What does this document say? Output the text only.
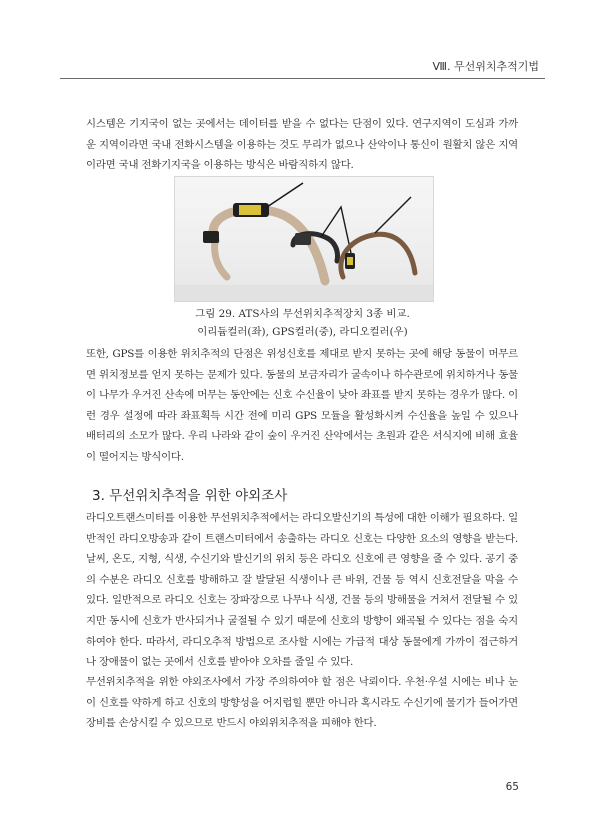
Ⅷ. 무선위치추적기법

시스템은 기지국이 없는 곳에서는 데이터를 받을 수 없다는 단점이 있다. 연구지역이 도심과 가까운 지역이라면 국내 전화시스템을 이용하는 것도 무리가 없으나 산악이나 통신이 원활치 않은 지역이라면 국내 전화기지국을 이용하는 방식은 바람직하지 않다.

그림 29. ATS사의 무선위치추적장치 3종 비교.
이리듐컬러(좌), GPS컬러(중), 라디오컬러(우)

또한, GPS를 이용한 위치추적의 단점은 위성신호를 제대로 받지 못하는 곳에 해당 동물이 머무르면 위치정보를 얻지 못하는 문제가 있다. 동물의 보금자리가 굴속이나 하수관로에 위치하거나 동물이 나무가 우거진 산속에 머무는 동안에는 신호 수신율이 낮아 좌표를 받지 못하는 경우가 많다. 이런 경우 설정에 따라 좌표획득 시간 전에 미리 GPS 모듈을 활성화시켜 수신율을 높일 수 있으나 배터리의 소모가 많다. 우리 나라와 같이 숲이 우거진 산악에서는 초원과 같은 서식지에 비해 효율이 떨어지는 방식이다.

3. 무선위치추적을 위한 야외조사

라디오트랜스미터를 이용한 무선위치추적에서는 라디오발신기의 특성에 대한 이해가 필요하다. 일반적인 라디오방송과 같이 트랜스미터에서 송출하는 라디오 신호는 다양한 요소의 영향을 받는다. 날씨, 온도, 지형, 식생, 수신기와 발신기의 위치 등은 라디오 신호에 큰 영향을 줄 수 있다. 공기 중의 수분은 라디오 신호를 방해하고 잘 발달된 식생이나 큰 바위, 건물 등 역시 신호전달을 막을 수 있다. 일반적으로 라디오 신호는 장파장으로 나무나 식생, 건물 등의 방해물을 거쳐서 전달될 수 있지만 동시에 신호가 반사되거나 굴절될 수 있기 때문에 신호의 방향이 왜곡될 수 있다는 점을 숙지하여야 한다. 따라서, 라디오추적 방법으로 조사할 시에는 가급적 대상 동물에게 가까이 접근하거나 장애물이 없는 곳에서 신호를 받아야 오차를 줄일 수 있다.

무선위치추적을 위한 야외조사에서 가장 주의하여야 할 점은 낙뢰이다. 우천·우설 시에는 비나 눈이 신호를 약하게 하고 신호의 방향성을 어지럽힐 뿐만 아니라 혹시라도 수신기에 물기가 들어가면 장비를 손상시킬 수 있으므로 반드시 야외위치추적을 피해야 한다.

65
